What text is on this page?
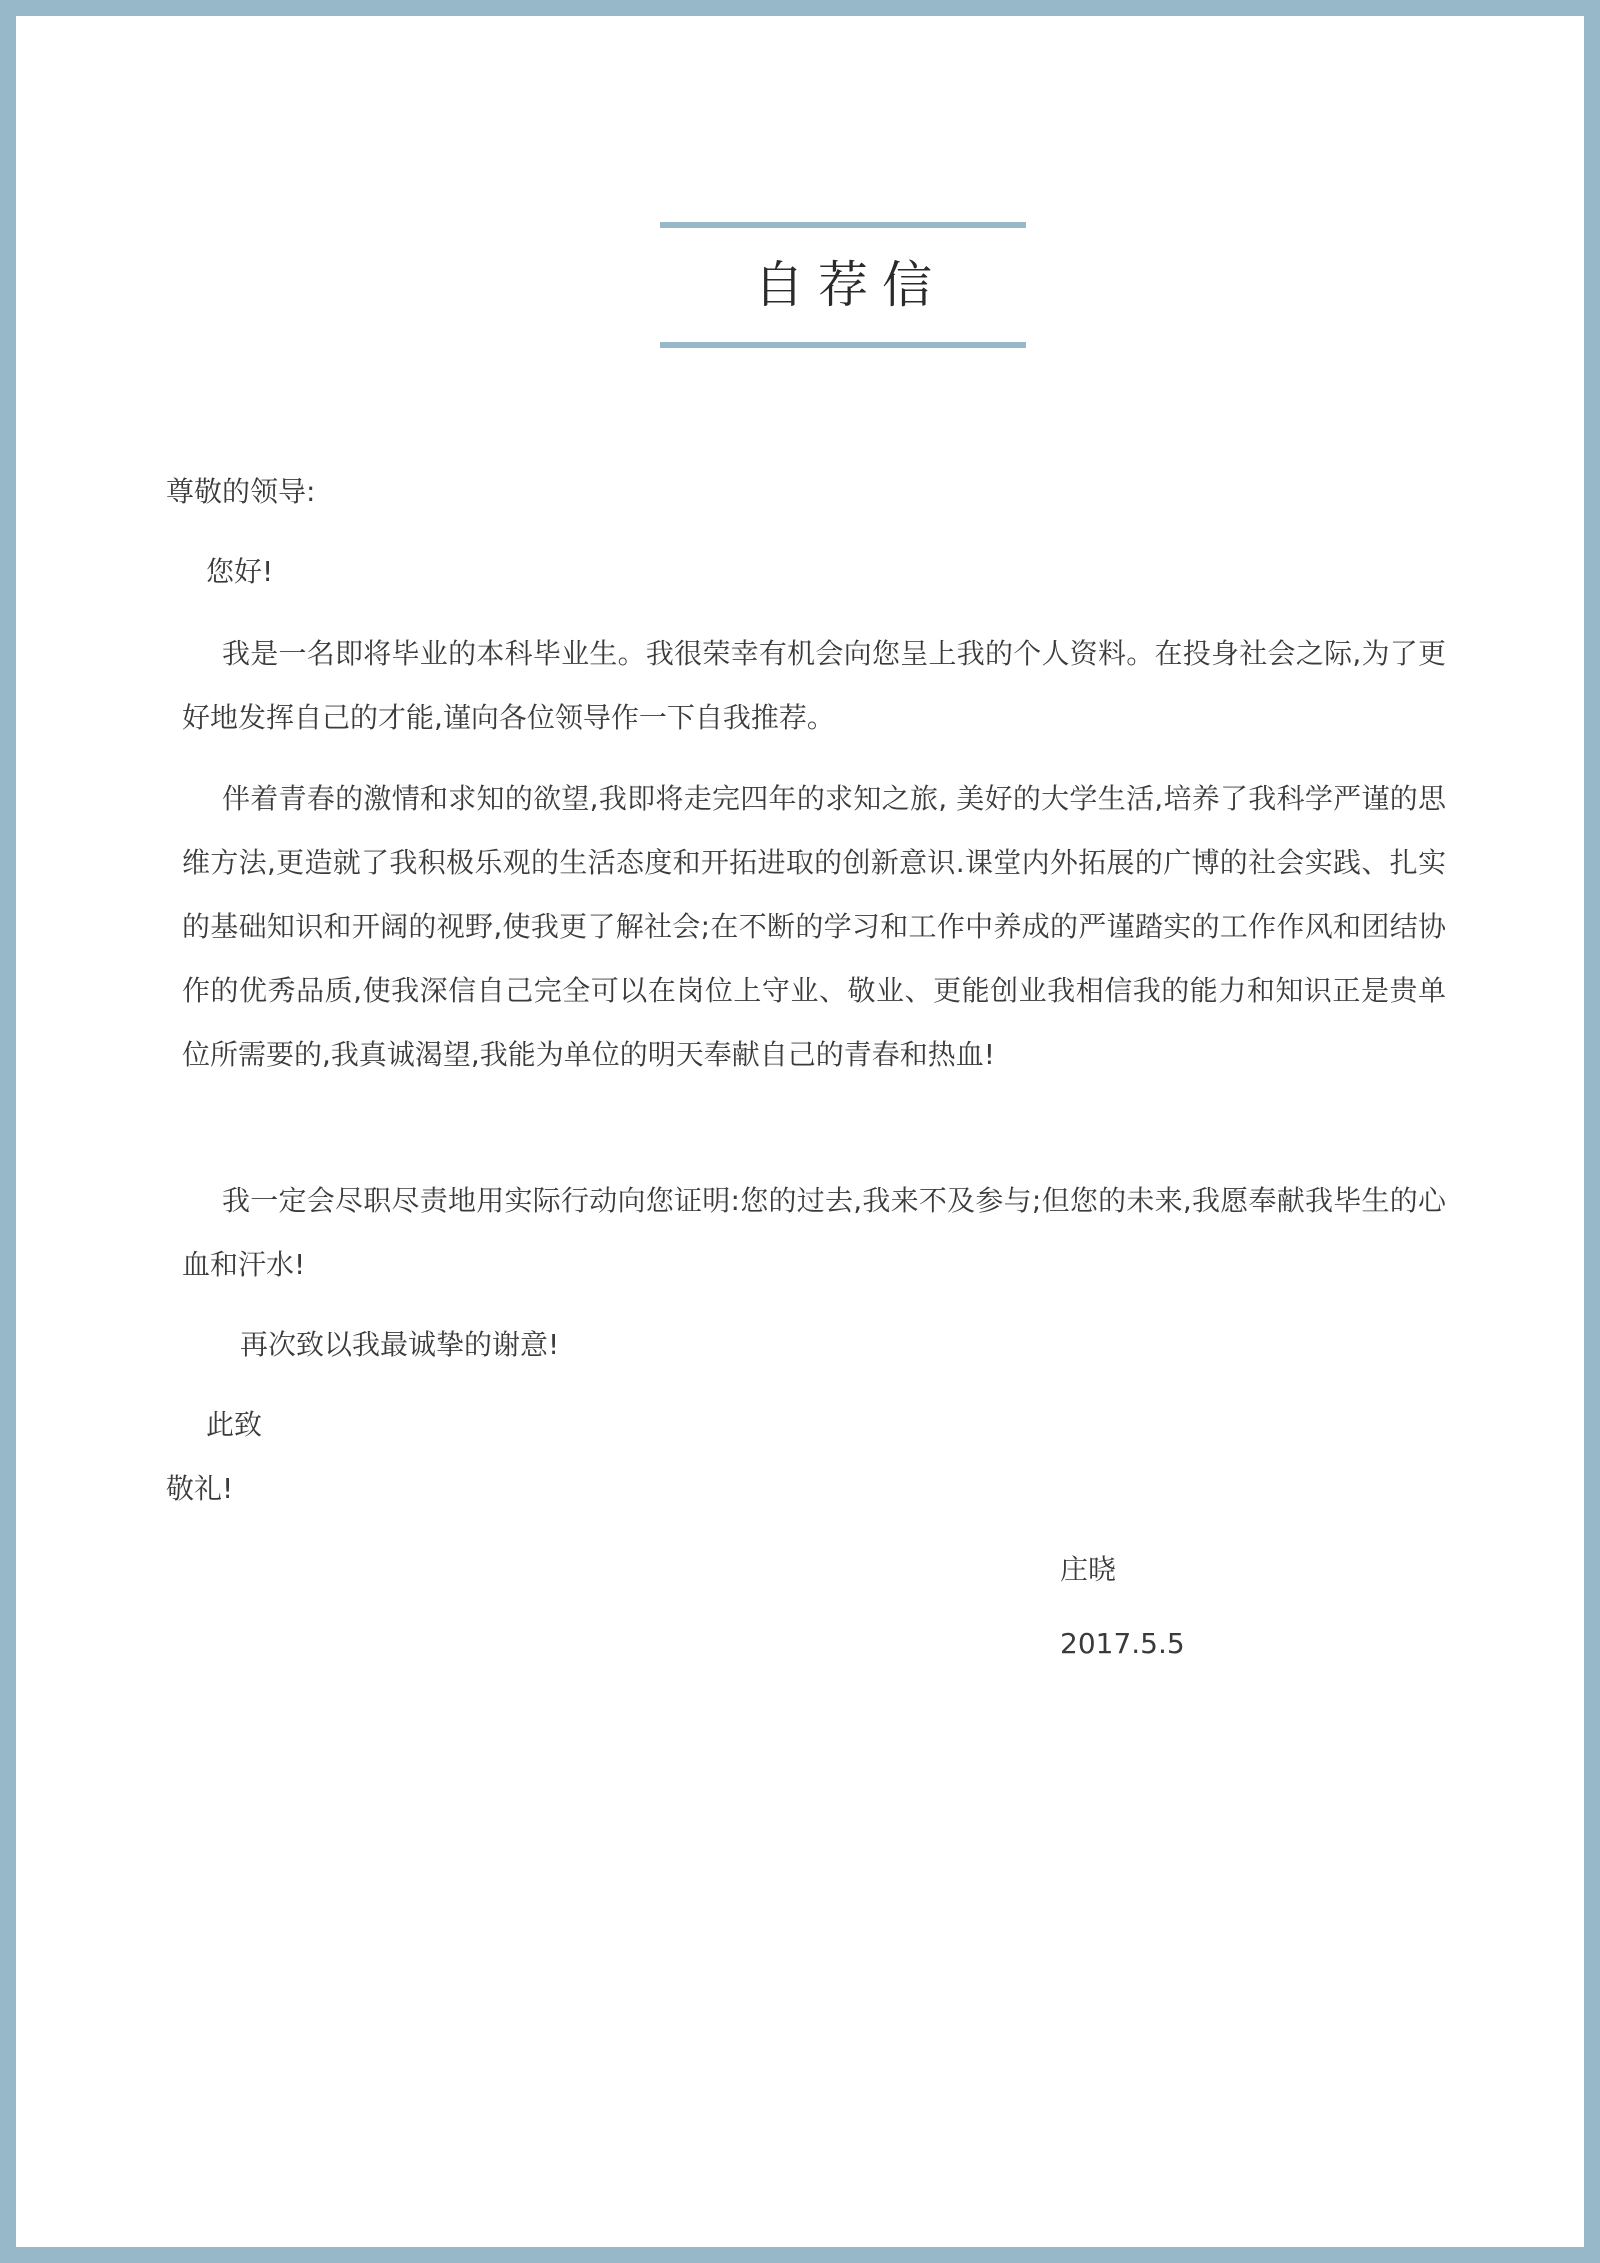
自荐信
尊敬的领导:
您好!
我是一名即将毕业的本科毕业生。我很荣幸有机会向您呈上我的个人资料。在投身社会之际,为了更好地发挥自己的才能,谨向各位领导作一下自我推荐。
伴着青春的激情和求知的欲望,我即将走完四年的求知之旅, 美好的大学生活,培养了我科学严谨的思维方法,更造就了我积极乐观的生活态度和开拓进取的创新意识.课堂内外拓展的广博的社会实践、扎实的基础知识和开阔的视野,使我更了解社会;在不断的学习和工作中养成的严谨踏实的工作作风和团结协作的优秀品质,使我深信自己完全可以在岗位上守业、敬业、更能创业我相信我的能力和知识正是贵单位所需要的,我真诚渴望,我能为单位的明天奉献自己的青春和热血!
我一定会尽职尽责地用实际行动向您证明:您的过去,我来不及参与;但您的未来,我愿奉献我毕生的心血和汗水!
再次致以我最诚挚的谢意!
此致
敬礼!
庄晓
2017.5.5
